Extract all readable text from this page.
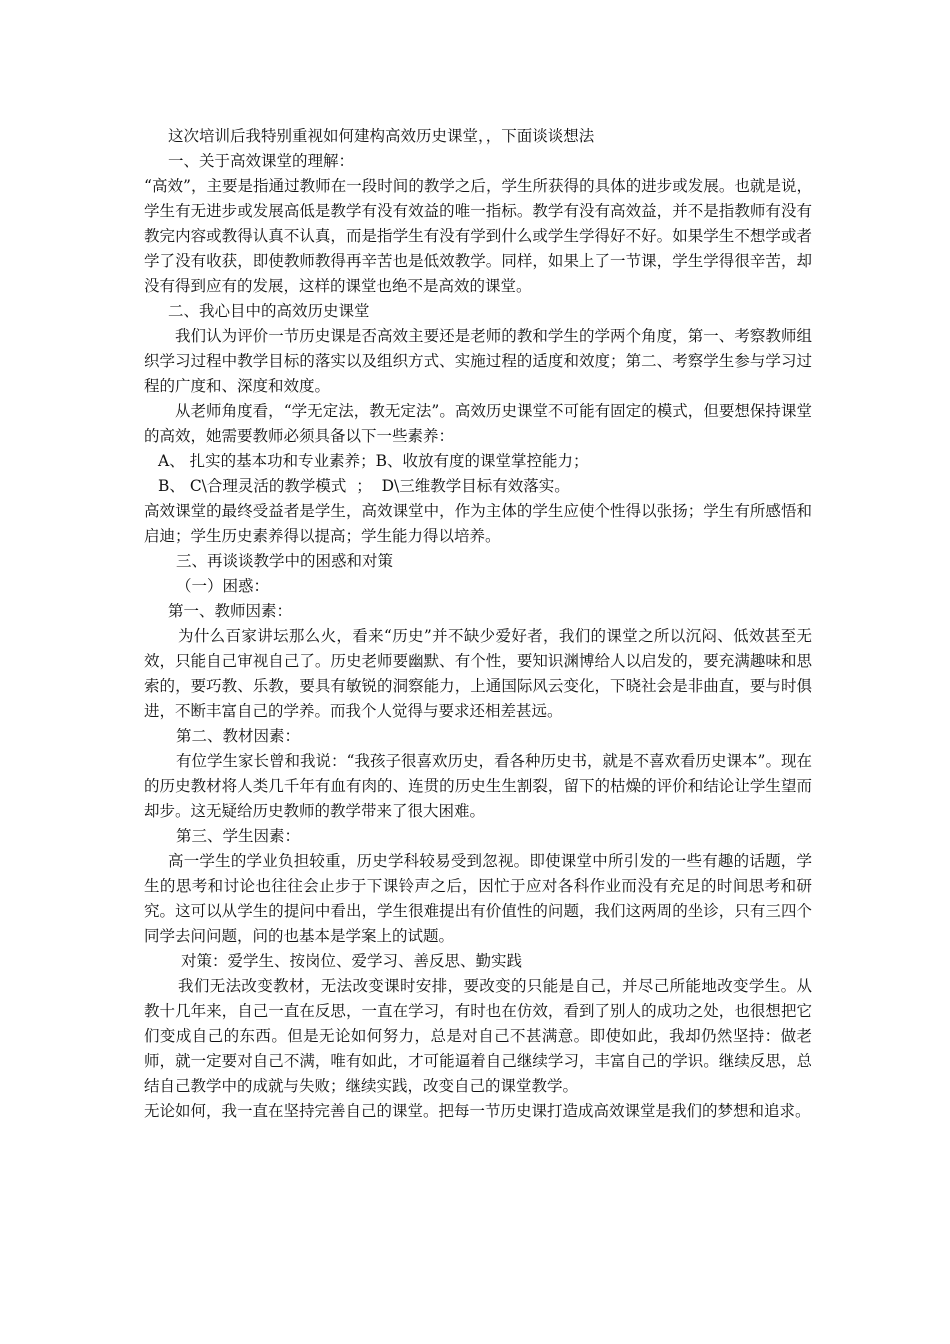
这次培训后我特别重视如何建构高效历史课堂，，下面谈谈想法

一、关于高效课堂的理解：

“高效”，主要是指通过教师在一段时间的教学之后，学生所获得的具体的进步或发展。也就是说，学生有无进步或发展高低是教学有没有效益的唯一指标。教学有没有高效益，并不是指教师有没有教完内容或教得认真不认真，而是指学生有没有学到什么或学生学得好不好。如果学生不想学或者学了没有收获，即使教师教得再辛苦也是低效教学。同样，如果上了一节课，学生学得很辛苦，却没有得到应有的发展，这样的课堂也绝不是高效的课堂。

二、我心目中的高效历史课堂

我们认为评价一节历史课是否高效主要还是老师的教和学生的学两个角度，第一、考察教师组织学习过程中教学目标的落实以及组织方式、实施过程的适度和效度；第二、考察学生参与学习过程的广度和、深度和效度。

从老师角度看，“学无定法，教无定法”。高效历史课堂不可能有固定的模式，但要想保持课堂的高效，她需要教师必须具备以下一些素养：

A、 扎实的基本功和专业素养；B、收放有度的课堂掌控能力；

B、 C\合理灵活的教学模式  ；  D\三维教学目标有效落实。

高效课堂的最终受益者是学生，高效课堂中，作为主体的学生应使个性得以张扬；学生有所感悟和启迪；学生历史素养得以提高；学生能力得以培养。

三、再谈谈教学中的困惑和对策

（一）困惑：

第一、教师因素：

为什么百家讲坛那么火，看来“历史”并不缺少爱好者，我们的课堂之所以沉闷、低效甚至无效，只能自己审视自己了。历史老师要幽默、有个性，要知识渊博给人以启发的，要充满趣味和思索的，要巧教、乐教，要具有敏锐的洞察能力，上通国际风云变化，下晓社会是非曲直，要与时俱进，不断丰富自己的学养。而我个人觉得与要求还相差甚远。

第二、教材因素：

有位学生家长曾和我说：“我孩子很喜欢历史，看各种历史书，就是不喜欢看历史课本”。现在的历史教材将人类几千年有血有肉的、连贯的历史生生割裂，留下的枯燥的评价和结论让学生望而却步。这无疑给历史教师的教学带来了很大困难。

第三、学生因素：

高一学生的学业负担较重，历史学科较易受到忽视。即使课堂中所引发的一些有趣的话题，学生的思考和讨论也往往会止步于下课铃声之后，因忙于应对各科作业而没有充足的时间思考和研究。这可以从学生的提问中看出，学生很难提出有价值性的问题，我们这两周的坐诊，只有三四个同学去问问题，问的也基本是学案上的试题。

对策：爱学生、按岗位、爱学习、善反思、勤实践

我们无法改变教材，无法改变课时安排，要改变的只能是自己，并尽己所能地改变学生。从教十几年来，自己一直在反思，一直在学习，有时也在仿效，看到了别人的成功之处，也很想把它们变成自己的东西。但是无论如何努力，总是对自己不甚满意。即使如此，我却仍然坚持：做老师，就一定要对自己不满，唯有如此，才可能逼着自己继续学习，丰富自己的学识。继续反思，总结自己教学中的成就与失败；继续实践，改变自己的课堂教学。

无论如何，我一直在坚持完善自己的课堂。把每一节历史课打造成高效课堂是我们的梦想和追求。
